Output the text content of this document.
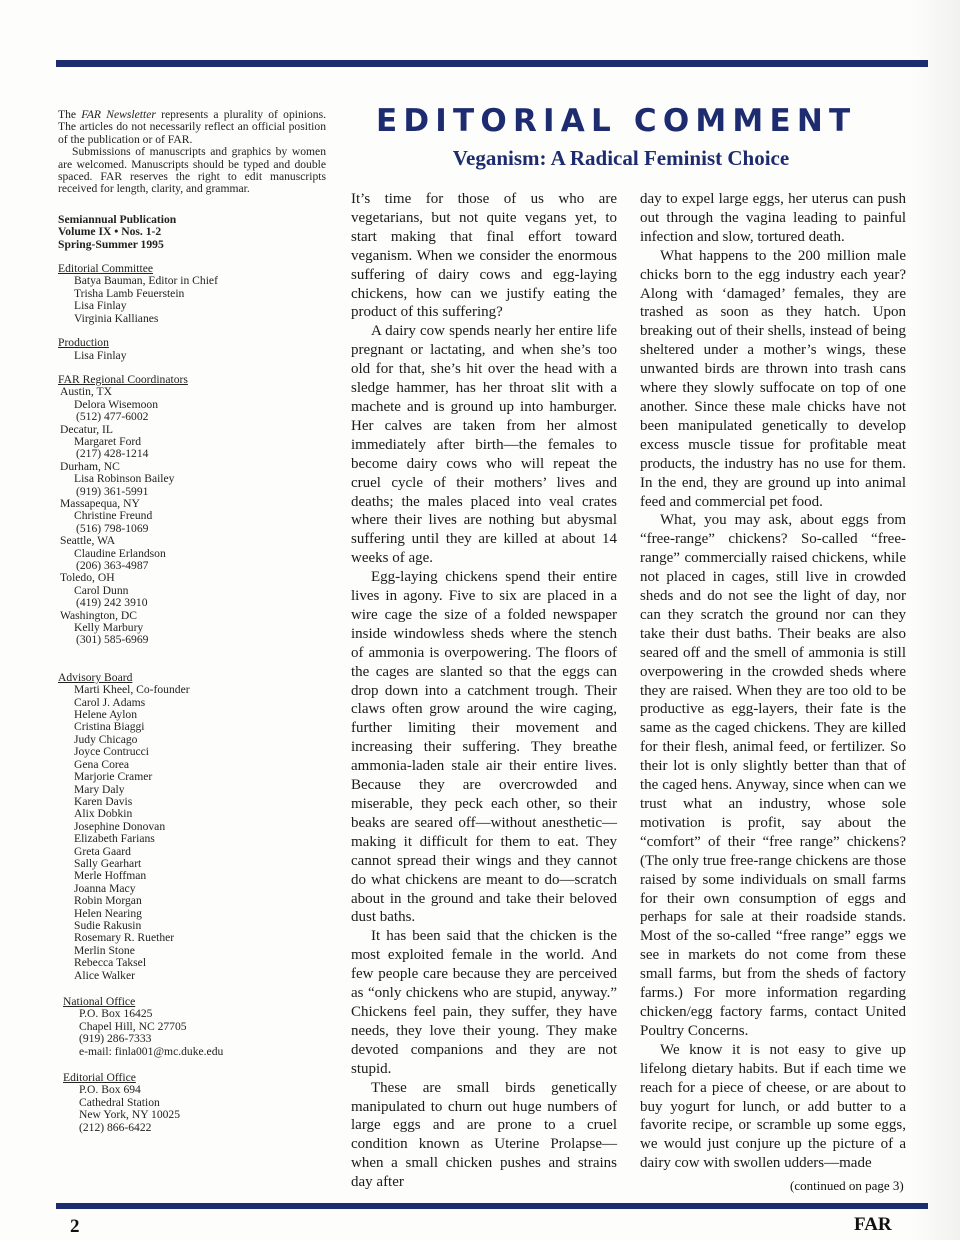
The FAR Newsletter represents a plurality of opinions. The articles do not necessarily reflect an official position of the publication or of FAR.

Submissions of manuscripts and graphics by women are welcomed. Manuscripts should be typed and double spaced. FAR reserves the right to edit manuscripts received for length, clarity, and grammar.

Semiannual Publication
Volume IX • Nos. 1-2
Spring-Summer 1995
Editorial Committee
Batya Bauman, Editor in Chief
Trisha Lamb Feuerstein
Lisa Finlay
Virginia Kallianes
Production
Lisa Finlay
FAR Regional Coordinators
Austin, TX
Delora Wisemoon
(512) 477-6002
Decatur, IL
Margaret Ford
(217) 428-1214
Durham, NC
Lisa Robinson Bailey
(919) 361-5991
Massapequa, NY
Christine Freund
(516) 798-1069
Seattle, WA
Claudine Erlandson
(206) 363-4987
Toledo, OH
Carol Dunn
(419) 242 3910
Washington, DC
Kelly Marbury
(301) 585-6969
Advisory Board
Marti Kheel, Co-founder
Carol J. Adams
Helene Aylon
Cristina Biaggi
Judy Chicago
Joyce Contrucci
Gena Corea
Marjorie Cramer
Mary Daly
Karen Davis
Alix Dobkin
Josephine Donovan
Elizabeth Farians
Greta Gaard
Sally Gearhart
Merle Hoffman
Joanna Macy
Robin Morgan
Helen Nearing
Sudie Rakusin
Rosemary R. Ruether
Merlin Stone
Rebecca Taksel
Alice Walker
National Office
P.O. Box 16425
Chapel Hill, NC 27705
(919) 286-7333
e-mail: finla001@mc.duke.edu
Editorial Office
P.O. Box 694
Cathedral Station
New York, NY 10025
(212) 866-6422
EDITORIAL COMMENT
Veganism: A Radical Feminist Choice

It’s time for those of us who are vegetarians, but not quite vegans yet, to start making that final effort toward veganism. When we consider the enormous suffering of dairy cows and egg-laying chickens, how can we justify eating the product of this suffering?

A dairy cow spends nearly her entire life pregnant or lactating, and when she’s too old for that, she’s hit over the head with a sledge hammer, has her throat slit with a machete and is ground up into hamburger. Her calves are taken from her almost immediately after birth—the females to become dairy cows who will repeat the cruel cycle of their mothers’ lives and deaths; the males placed into veal crates where their lives are nothing but abysmal suffering until they are killed at about 14 weeks of age.

Egg-laying chickens spend their entire lives in agony. Five to six are placed in a wire cage the size of a folded newspaper inside windowless sheds where the stench of ammonia is overpowering. The floors of the cages are slanted so that the eggs can drop down into a catchment trough. Their claws often grow around the wire caging, further limiting their movement and increasing their suffering. They breathe ammonia-laden stale air their entire lives. Because they are overcrowded and miserable, they peck each other, so their beaks are seared off—without anesthetic—making it difficult for them to eat. They cannot spread their wings and they cannot do what chickens are meant to do—scratch about in the ground and take their beloved dust baths.

It has been said that the chicken is the most exploited female in the world. And few people care because they are perceived as “only chickens who are stupid, anyway.” Chickens feel pain, they suffer, they have needs, they love their young. They make devoted companions and they are not stupid.

These are small birds genetically manipulated to churn out huge numbers of large eggs and are prone to a cruel condition known as Uterine Prolapse—when a small chicken pushes and strains day after

day to expel large eggs, her uterus can push out through the vagina leading to painful infection and slow, tortured death.

What happens to the 200 million male chicks born to the egg industry each year? Along with ‘damaged’ females, they are trashed as soon as they hatch. Upon breaking out of their shells, instead of being sheltered under a mother’s wings, these unwanted birds are thrown into trash cans where they slowly suffocate on top of one another. Since these male chicks have not been manipulated genetically to develop excess muscle tissue for profitable meat products, the industry has no use for them. In the end, they are ground up into animal feed and commercial pet food.

What, you may ask, about eggs from “free-range” chickens? So-called “free-range” commercially raised chickens, while not placed in cages, still live in crowded sheds and do not see the light of day, nor can they scratch the ground nor can they take their dust baths. Their beaks are also seared off and the smell of ammonia is still overpowering in the crowded sheds where they are raised. When they are too old to be productive as egg-layers, their fate is the same as the caged chickens. They are killed for their flesh, animal feed, or fertilizer. So their lot is only slightly better than that of the caged hens. Anyway, since when can we trust what an industry, whose sole motivation is profit, say about the “comfort” of their “free range” chickens? (The only true free-range chickens are those raised by some individuals on small farms for their own consumption of eggs and perhaps for sale at their roadside stands. Most of the so-called “free range” eggs we see in markets do not come from these small farms, but from the sheds of factory farms.) For more information regarding chicken/egg factory farms, contact United Poultry Concerns.

We know it is not easy to give up lifelong dietary habits. But if each time we reach for a piece of cheese, or are about to buy yogurt for lunch, or add butter to a favorite recipe, or scramble up some eggs, we would just conjure up the picture of a dairy cow with swollen udders—made

(continued on page 3)
2	FAR
